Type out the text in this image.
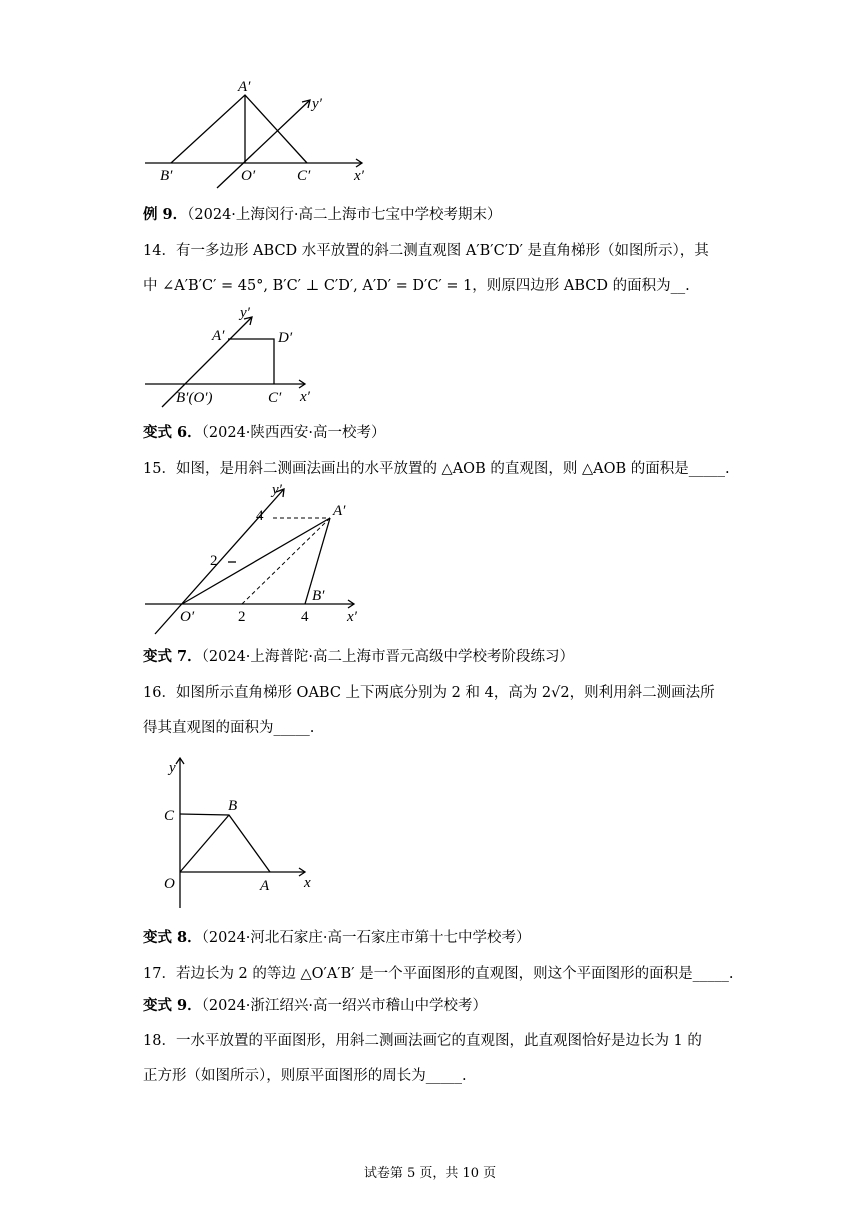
A′
y′
B′	O′	C′	x′
例 9．（2024·上海闵行·高二上海市七宝中学校考期末）
14．有一多边形 ABCD 水平放置的斜二测直观图 A′B′C′D′ 是直角梯形（如图所示），其
中 ∠A′B′C′ = 45°, B′C′ ⊥ C′D′, A′D′ = D′C′ = 1，则原四边形 ABCD 的面积为__.
y′
A′	D′
B′(O′)	C′ x′
变式 6．（2024·陕西西安·高一校考）
15．如图，是用斜二测画法画出的水平放置的 △AOB 的直观图，则 △AOB 的面积是_____.
y′
4	A′
2
O′	2	4
B′
x′
变式 7．（2024·上海普陀·高二上海市晋元高级中学校考阶段练习）
16．如图所示直角梯形 OABC 上下两底分别为 2 和 4，高为 2√2，则利用斜二测画法所
得其直观图的面积为_____.
y
C
B
O	A x
变式 8．（2024·河北石家庄·高一石家庄市第十七中学校考）
17．若边长为 2 的等边 △O′A′B′ 是一个平面图形的直观图，则这个平面图形的面积是_____.
变式 9．（2024·浙江绍兴·高一绍兴市稽山中学校考）
18．一水平放置的平面图形，用斜二测画法画它的直观图，此直观图恰好是边长为 1 的
正方形（如图所示），则原平面图形的周长为_____.
试卷第 5 页，共 10 页
